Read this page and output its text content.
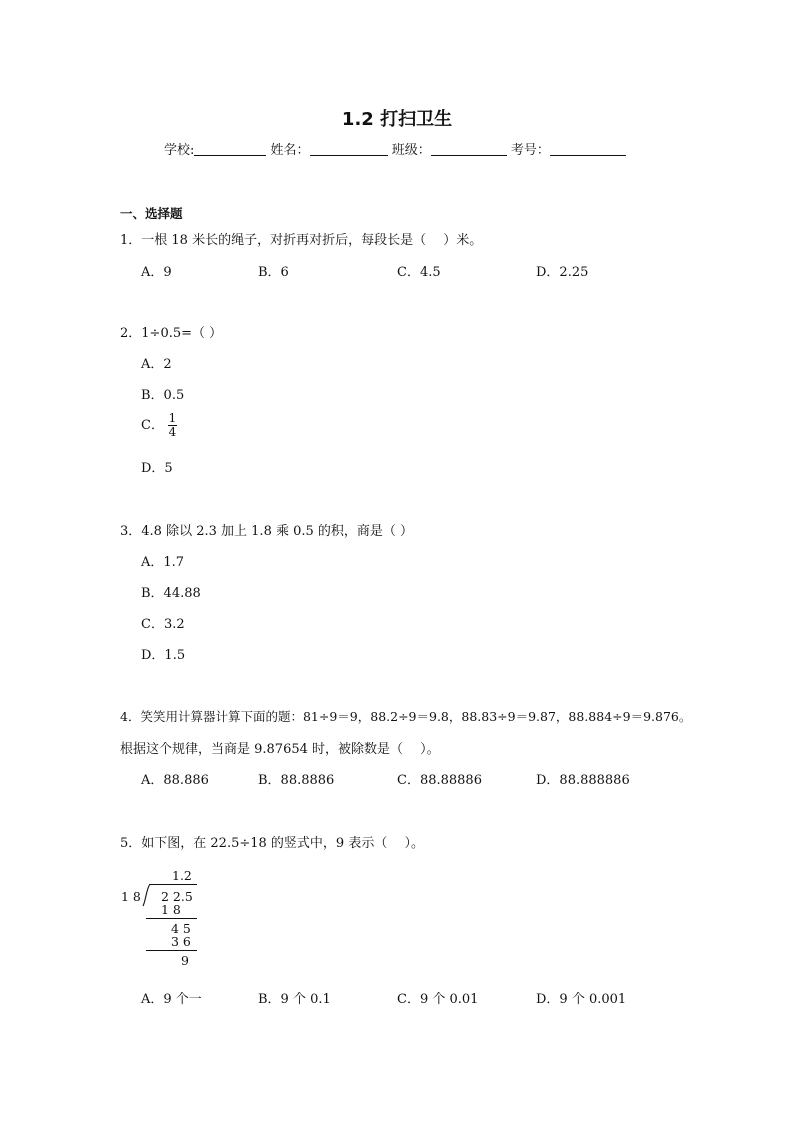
1.2 打扫卫生
学校:	姓名：	班级：	考号：
一、选择题
1．一根 18 米长的绳子，对折再对折后，每段长是（　 ）米。
A．9	B．6	C．4.5	D．2.25
2．1÷0.5=（ ）
A．2
B．0.5
C． $\frac{1}{4}$
D．5
3．4.8 除以 2.3 加上 1.8 乘 0.5 的积，商是（ ）
A．1.7
B．44.88
C．3.2
D．1.5
4．笑笑用计算器计算下面的题：81÷9＝9，88.2÷9＝9.8，88.83÷9＝9.87，88.884÷9＝9.876。
根据这个规律，当商是 9.87654 时，被除数是（　 ）。
A．88.886	B．88.8886	C．88.88886	D．88.888886
5．如下图，在 22.5÷18 的竖式中，9 表示（　 ）。
1.2
1 8 2 2.5
1 8
4 5
3 6
9
A．9 个一	B．9 个 0.1	C．9 个 0.01	D．9 个 0.001
